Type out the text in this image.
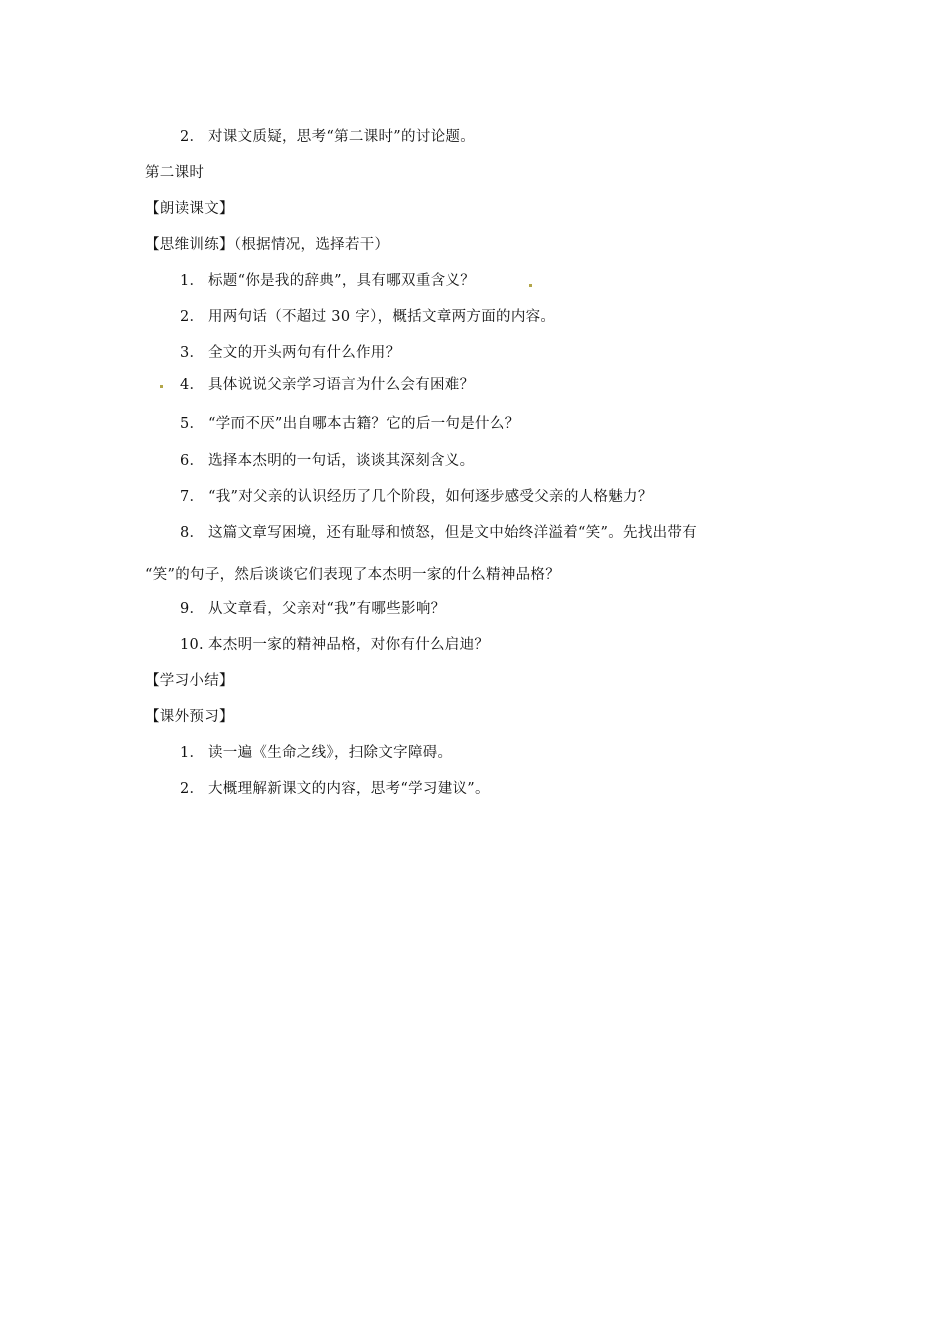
2． 对课文质疑，思考“第二课时”的讨论题。
第二课时
【朗读课文】
【思维训练】（根据情况，选择若干）
1． 标题“你是我的辞典”，具有哪双重含义？
2． 用两句话（不超过 30 字），概括文章两方面的内容。
3． 全文的开头两句有什么作用？
4． 具体说说父亲学习语言为什么会有困难？
5． “学而不厌”出自哪本古籍？它的后一句是什么？
6． 选择本杰明的一句话，谈谈其深刻含义。
7． “我”对父亲的认识经历了几个阶段，如何逐步感受父亲的人格魅力？
8． 这篇文章写困境，还有耻辱和愤怒，但是文中始终洋溢着“笑”。先找出带有
“笑”的句子，然后谈谈它们表现了本杰明一家的什么精神品格？
9． 从文章看，父亲对“我”有哪些影响？
10. 本杰明一家的精神品格，对你有什么启迪？
【学习小结】
【课外预习】
1． 读一遍《生命之线》，扫除文字障碍。
2． 大概理解新课文的内容，思考“学习建议”。
